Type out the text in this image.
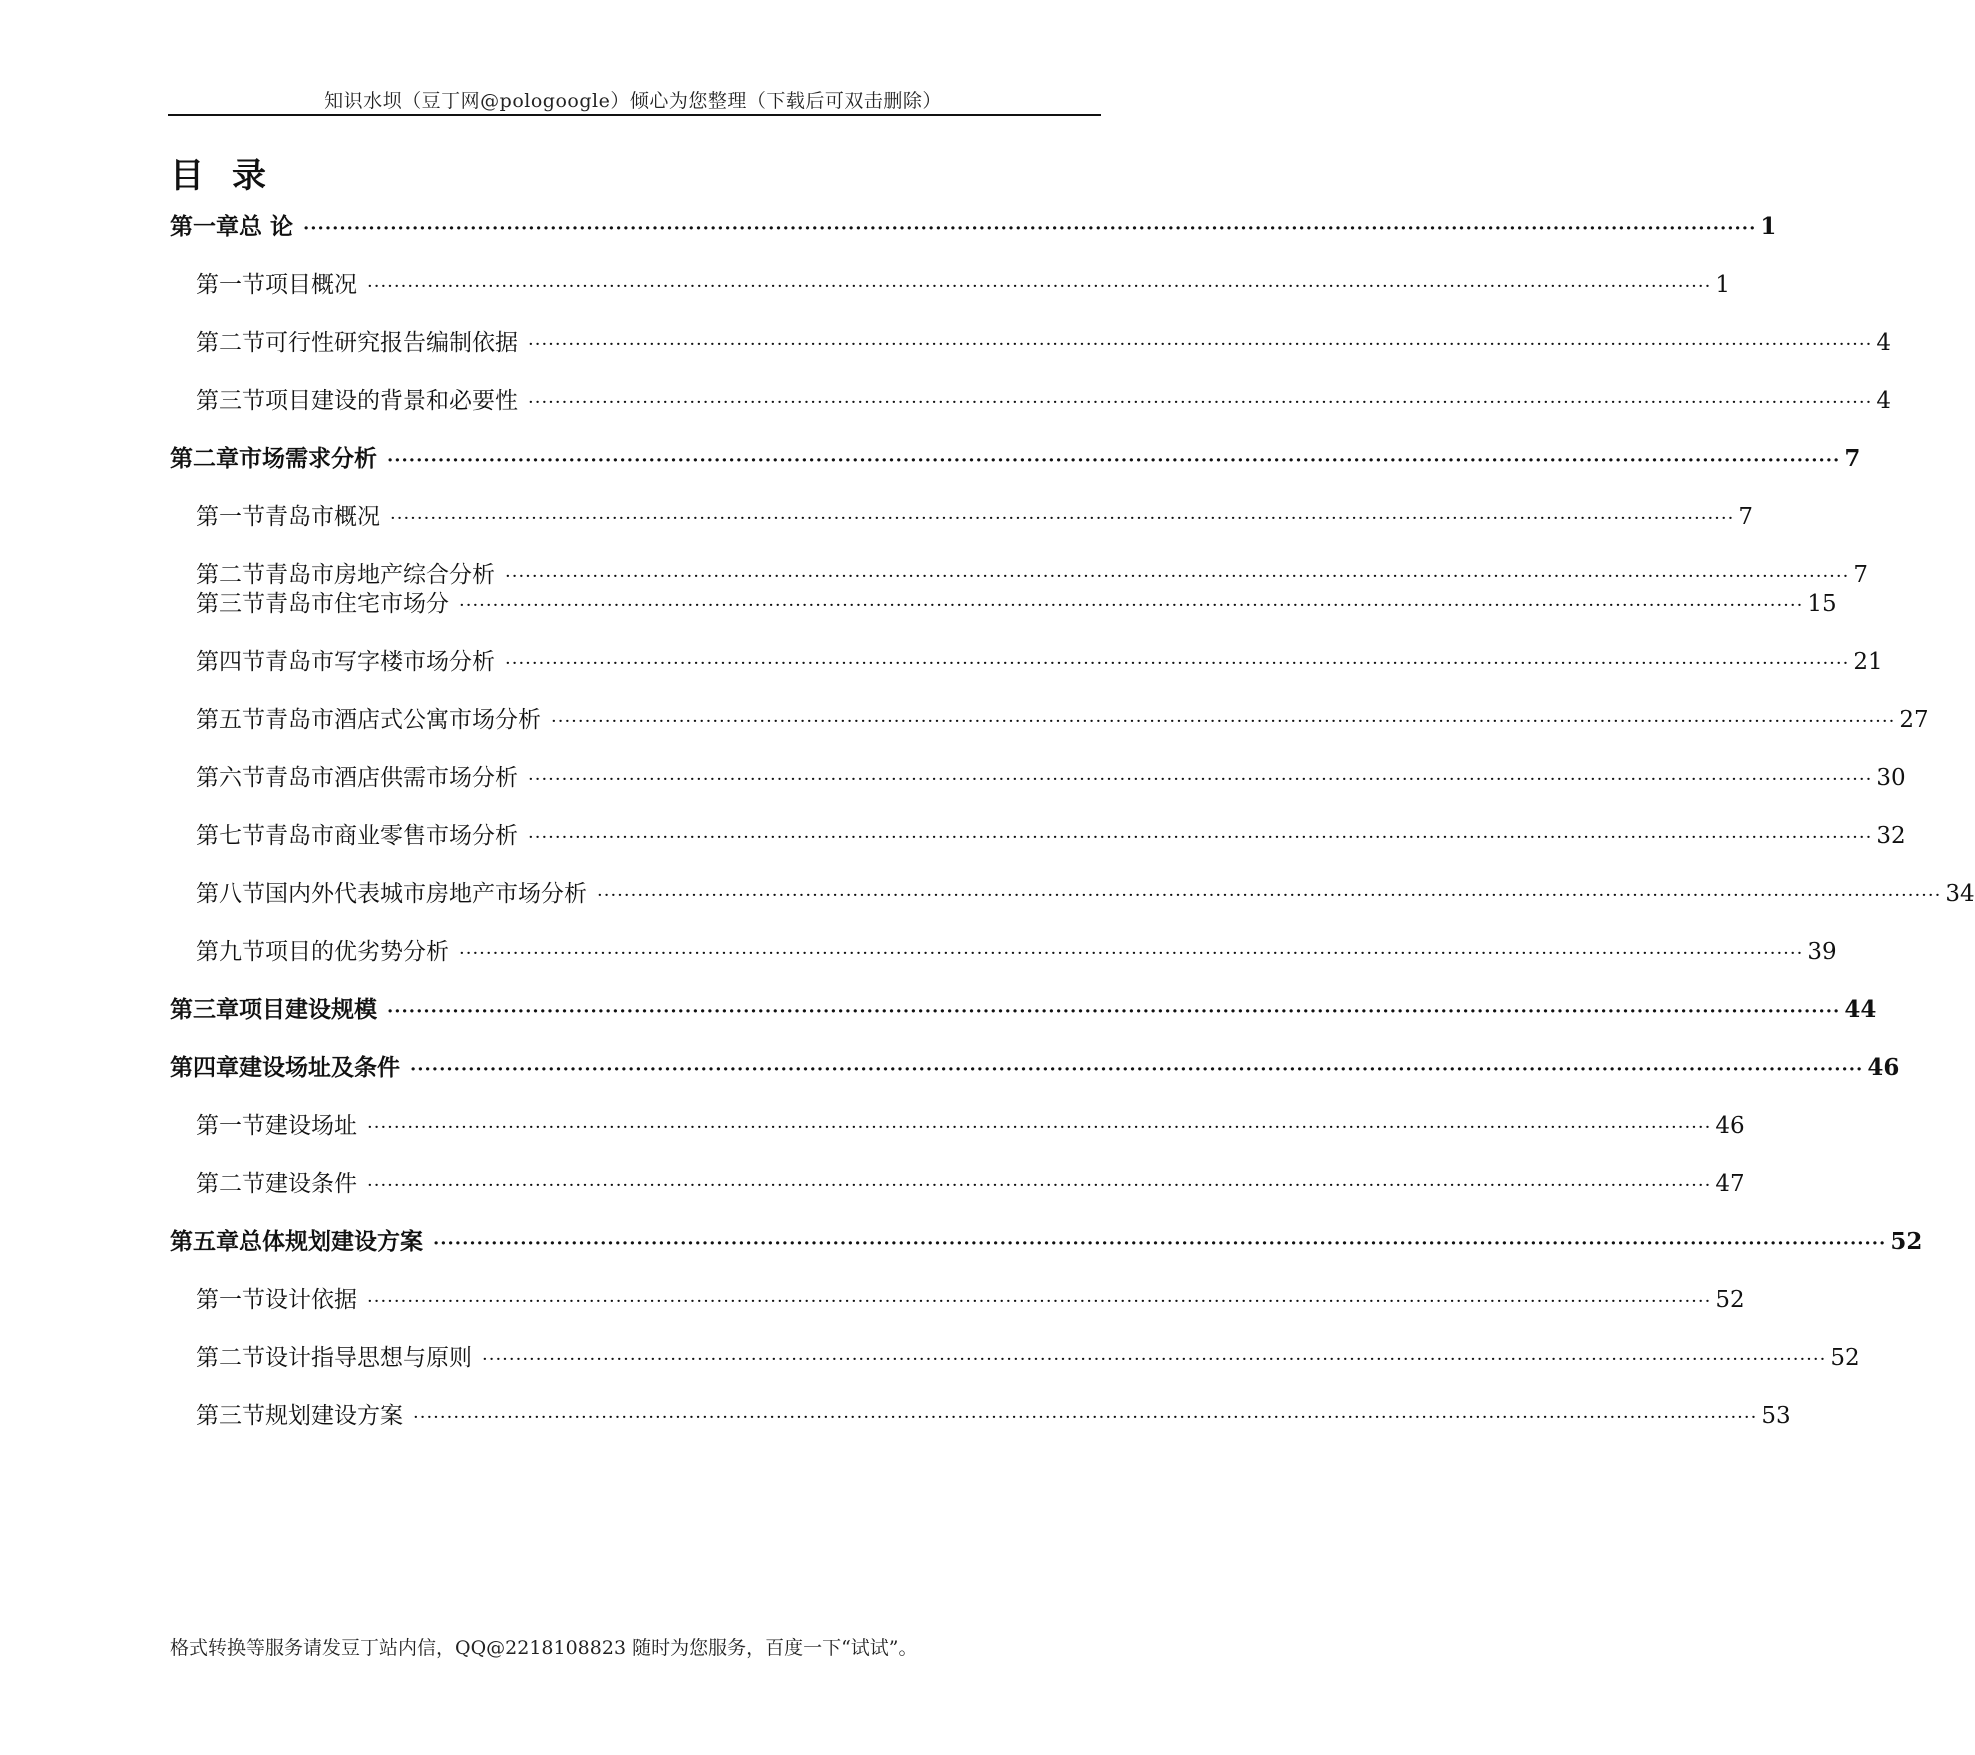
知识水坝（豆丁网@pologoogle）倾心为您整理（下载后可双击删除）
目录
第一章 总 论 ········································································································································································································ 1
第一节 项目概况 ········································································································································································································ 1
第二节 可行性研究报告编制依据 ········································································································································································································ 4
第三节 项目建设的背景和必要性 ········································································································································································································ 4
第二章 市场需求分析 ········································································································································································································ 7
第一节 青岛市概况 ········································································································································································································ 7
第二节 青岛市房地产综合分析 ········································································································································································································ 7
第三节 青岛市住宅市场分 ········································································································································································································ 15
第四节 青岛市写字楼市场分析 ········································································································································································································ 21
第五节 青岛市酒店式公寓市场分析 ········································································································································································································ 27
第六节 青岛市酒店供需市场分析 ········································································································································································································ 30
第七节 青岛市商业零售市场分析 ········································································································································································································ 32
第八节 国内外代表城市房地产市场分析 ········································································································································································································ 34
第九节 项目的优劣势分析 ········································································································································································································ 39
第三章 项目建设规模 ········································································································································································································ 44
第四章 建设场址及条件 ········································································································································································································ 46
第一节 建设场址 ········································································································································································································ 46
第二节 建设条件 ········································································································································································································ 47
第五章 总体规划建设方案 ········································································································································································································ 52
第一节 设计依据 ········································································································································································································ 52
第二节 设计指导思想与原则 ········································································································································································································ 52
第三节 规划建设方案 ········································································································································································································ 53
格式转换等服务请发豆丁站内信，QQ@2218108823 随时为您服务，百度一下“试试”。
